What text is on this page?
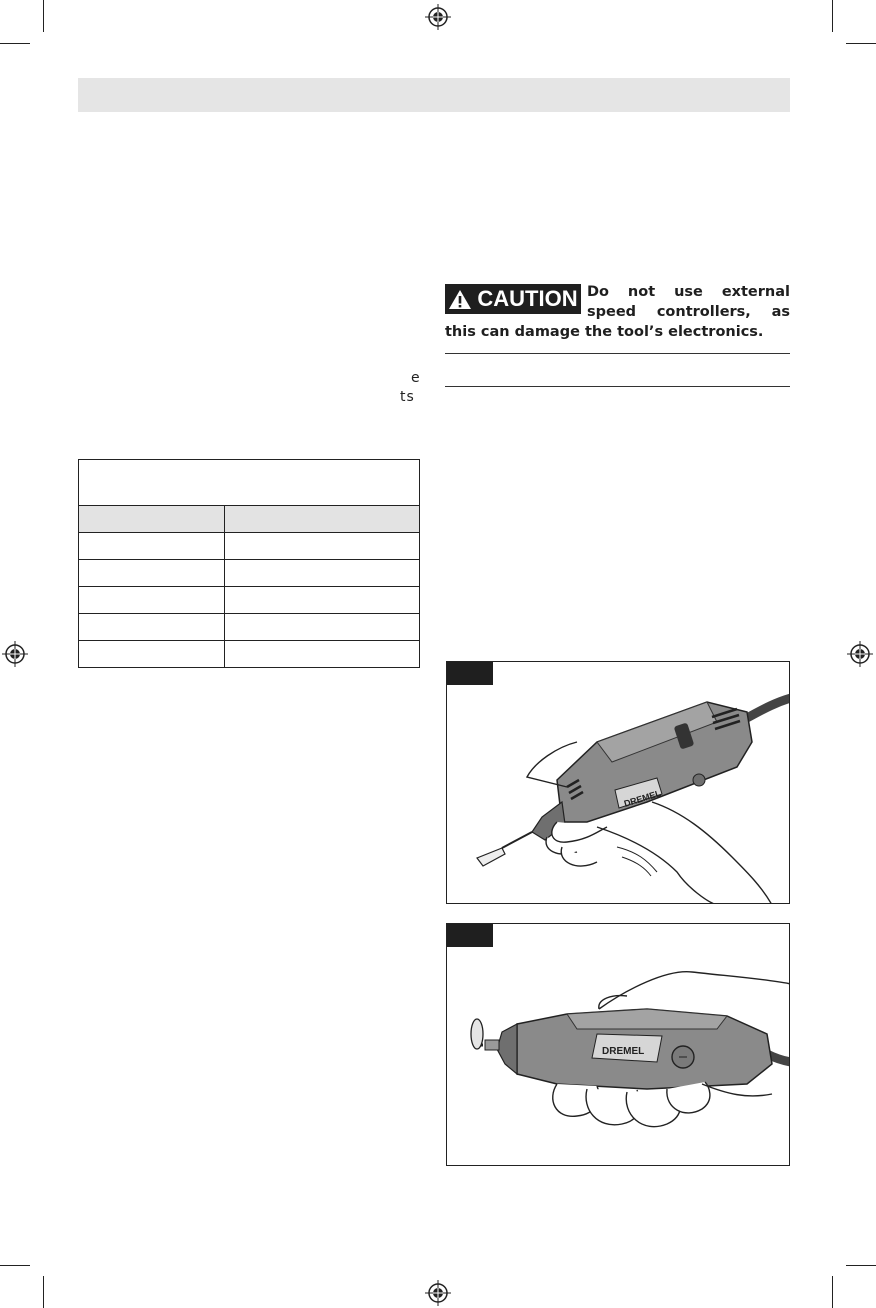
e
ts

CAUTION Do not use external speed controllers, as this can damage the tool’s electronics.
DREMEL
DREMEL
